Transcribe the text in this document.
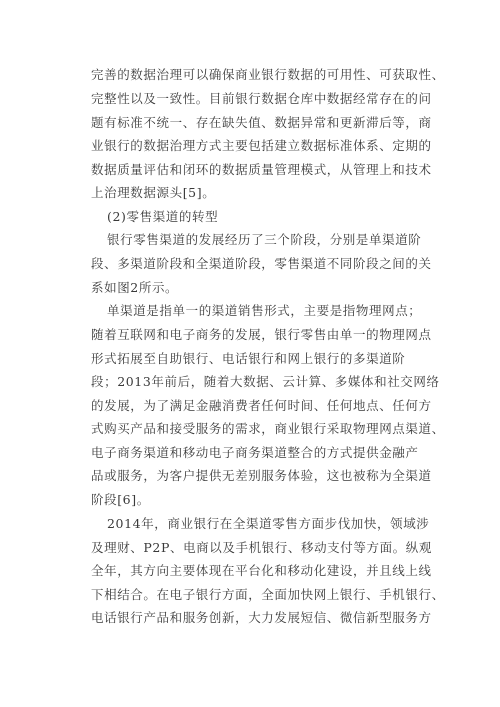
完善的数据治理可以确保商业银行数据的可用性、可获取性、
完整性以及一致性。目前银行数据仓库中数据经常存在的问
题有标准不统一、存在缺失值、数据异常和更新滞后等，商
业银行的数据治理方式主要包括建立数据标准体系、定期的
数据质量评估和闭环的数据质量管理模式，从管理上和技术
上治理数据源头[5]。
(2)零售渠道的转型
银行零售渠道的发展经历了三个阶段，分别是单渠道阶
段、多渠道阶段和全渠道阶段，零售渠道不同阶段之间的关
系如图2所示。
单渠道是指单一的渠道销售形式，主要是指物理网点；
随着互联网和电子商务的发展，银行零售由单一的物理网点
形式拓展至自助银行、电话银行和网上银行的多渠道阶
段；2013年前后，随着大数据、云计算、多媒体和社交网络
的发展，为了满足金融消费者任何时间、任何地点、任何方
式购买产品和接受服务的需求，商业银行采取物理网点渠道、
电子商务渠道和移动电子商务渠道整合的方式提供金融产
品或服务，为客户提供无差别服务体验，这也被称为全渠道
阶段[6]。
2014年，商业银行在全渠道零售方面步伐加快，领域涉
及理财、P2P、电商以及手机银行、移动支付等方面。纵观
全年，其方向主要体现在平台化和移动化建设，并且线上线
下相结合。在电子银行方面，全面加快网上银行、手机银行、
电话银行产品和服务创新，大力发展短信、微信新型服务方
